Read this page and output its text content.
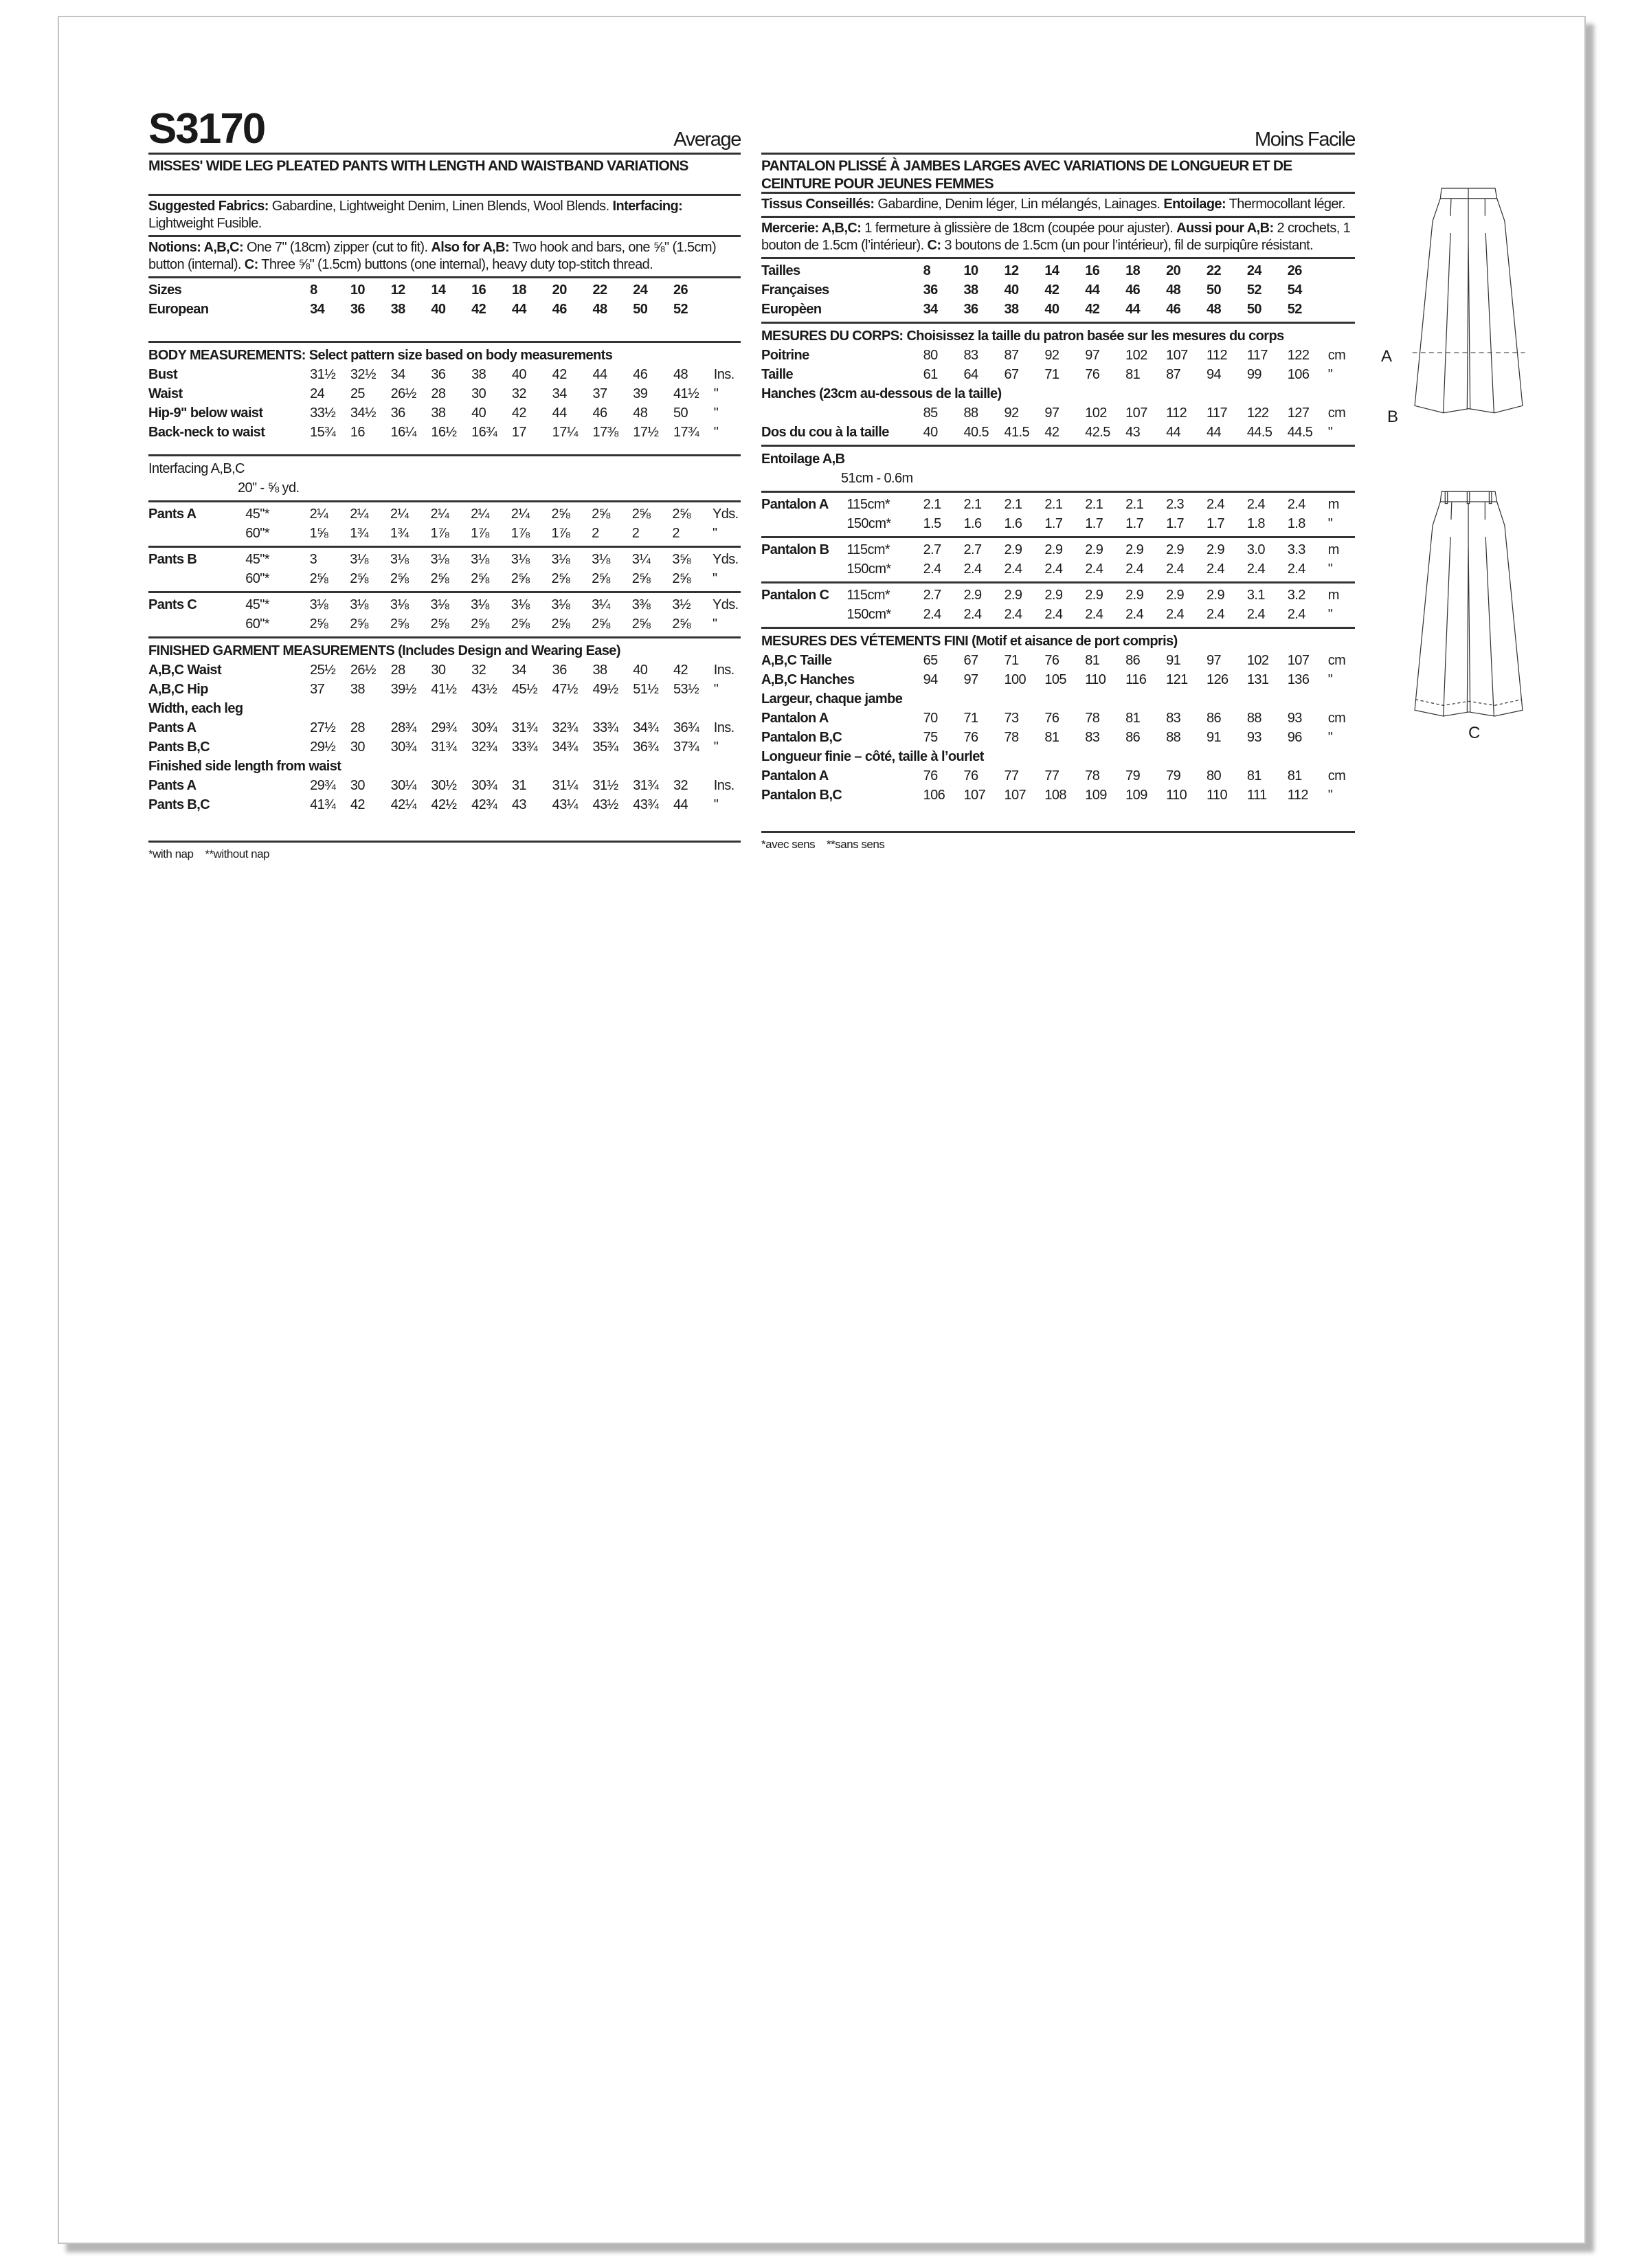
S3170	Average
MISSES' WIDE LEG PLEATED PANTS WITH LENGTH AND WAISTBAND VARIATIONS
Suggested Fabrics: Gabardine, Lightweight Denim, Linen Blends, Wool Blends. Interfacing: Lightweight Fusible.
Notions: A,B,C: One 7" (18cm) zipper (cut to fit). Also for A,B: Two hook and bars, one ⅝" (1.5cm) button (internal). C: Three ⅝" (1.5cm) buttons (one internal), heavy duty top-stitch thread.
Sizes	8	10	12	14	16	18	20	22	24	26	
European	34	36	38	40	42	44	46	48	50	52	
BODY MEASUREMENTS: Select pattern size based on body measurements
Bust	31½	32½	34	36	38	40	42	44	46	48	Ins.
Waist	24	25	26½	28	30	32	34	37	39	41½	"
Hip-9" below waist	33½	34½	36	38	40	42	44	46	48	50	"
Back-neck to waist	15¾	16	16¼	16½	16¾	17	17¼	17⅜	17½	17¾	"
Interfacing A,B,C
20" - ⅝ yd.
Pants A	45"*	2¼	2¼	2¼	2¼	2¼	2¼	2⅝	2⅝	2⅝	2⅝	Yds.
	60"*	1⅝	1¾	1¾	1⅞	1⅞	1⅞	1⅞	2	2	2	"
Pants B	45"*	3	3⅛	3⅛	3⅛	3⅛	3⅛	3⅛	3⅛	3¼	3⅝	Yds.
	60"*	2⅝	2⅝	2⅝	2⅝	2⅝	2⅝	2⅝	2⅝	2⅝	2⅝	"
Pants C	45"*	3⅛	3⅛	3⅛	3⅛	3⅛	3⅛	3⅛	3¼	3⅜	3½	Yds.
	60"*	2⅝	2⅝	2⅝	2⅝	2⅝	2⅝	2⅝	2⅝	2⅝	2⅝	"
FINISHED GARMENT MEASUREMENTS (Includes Design and Wearing Ease)
A,B,C Waist	25½	26½	28	30	32	34	36	38	40	42	Ins.
A,B,C Hip	37	38	39½	41½	43½	45½	47½	49½	51½	53½	"
Width, each leg
Pants A	27½	28	28¾	29¾	30¾	31¾	32¾	33¾	34¾	36¾	Ins.
Pants B,C	29½	30	30¾	31¾	32¾	33¾	34¾	35¾	36¾	37¾	"
Finished side length from waist
Pants A	29¾	30	30¼	30½	30¾	31	31¼	31½	31¾	32	Ins.
Pants B,C	41¾	42	42¼	42½	42¾	43	43¼	43½	43¾	44	"
*with nap    **without nap
Moins Facile
PANTALON PLISSÉ À JAMBES LARGES AVEC VARIATIONS DE LONGUEUR ET DE CEINTURE POUR JEUNES FEMMES
Tissus Conseillés: Gabardine, Denim léger, Lin mélangés, Lainages. Entoilage: Thermocollant léger.
Mercerie: A,B,C: 1 fermeture à glissière de 18cm (coupée pour ajuster). Aussi pour A,B: 2 crochets, 1 bouton de 1.5cm (l’intérieur). C: 3 boutons de 1.5cm (un pour l’intérieur), fil de surpiqûre résistant.
Tailles	8	10	12	14	16	18	20	22	24	26	
Françaises	36	38	40	42	44	46	48	50	52	54	
Europèen	34	36	38	40	42	44	46	48	50	52	
MESURES DU CORPS: Choisissez la taille du patron basée sur les mesures du corps
Poitrine	80	83	87	92	97	102	107	112	117	122	cm
Taille	61	64	67	71	76	81	87	94	99	106	"
Hanches (23cm au-dessous de la taille)
	85	88	92	97	102	107	112	117	122	127	cm
Dos du cou à la taille	40	40.5	41.5	42	42.5	43	44	44	44.5	44.5	"
Entoilage A,B
51cm - 0.6m
Pantalon A	115cm*	2.1	2.1	2.1	2.1	2.1	2.1	2.3	2.4	2.4	2.4	m
	150cm*	1.5	1.6	1.6	1.7	1.7	1.7	1.7	1.7	1.8	1.8	"
Pantalon B	115cm*	2.7	2.7	2.9	2.9	2.9	2.9	2.9	2.9	3.0	3.3	m
	150cm*	2.4	2.4	2.4	2.4	2.4	2.4	2.4	2.4	2.4	2.4	"
Pantalon C	115cm*	2.7	2.9	2.9	2.9	2.9	2.9	2.9	2.9	3.1	3.2	m
	150cm*	2.4	2.4	2.4	2.4	2.4	2.4	2.4	2.4	2.4	2.4	"
MESURES DES VÉTEMENTS FINI (Motif et aisance de port compris)
A,B,C Taille	65	67	71	76	81	86	91	97	102	107	cm
A,B,C Hanches	94	97	100	105	110	116	121	126	131	136	"
Largeur, chaque jambe
Pantalon A	70	71	73	76	78	81	83	86	88	93	cm
Pantalon B,C	75	76	78	81	83	86	88	91	93	96	"
Longueur finie – côté, taille à l’ourlet
Pantalon A	76	76	77	77	78	79	79	80	81	81	cm
Pantalon B,C	106	107	107	108	109	109	110	110	111	112	"
*avec sens    **sans sens
A
B
C
